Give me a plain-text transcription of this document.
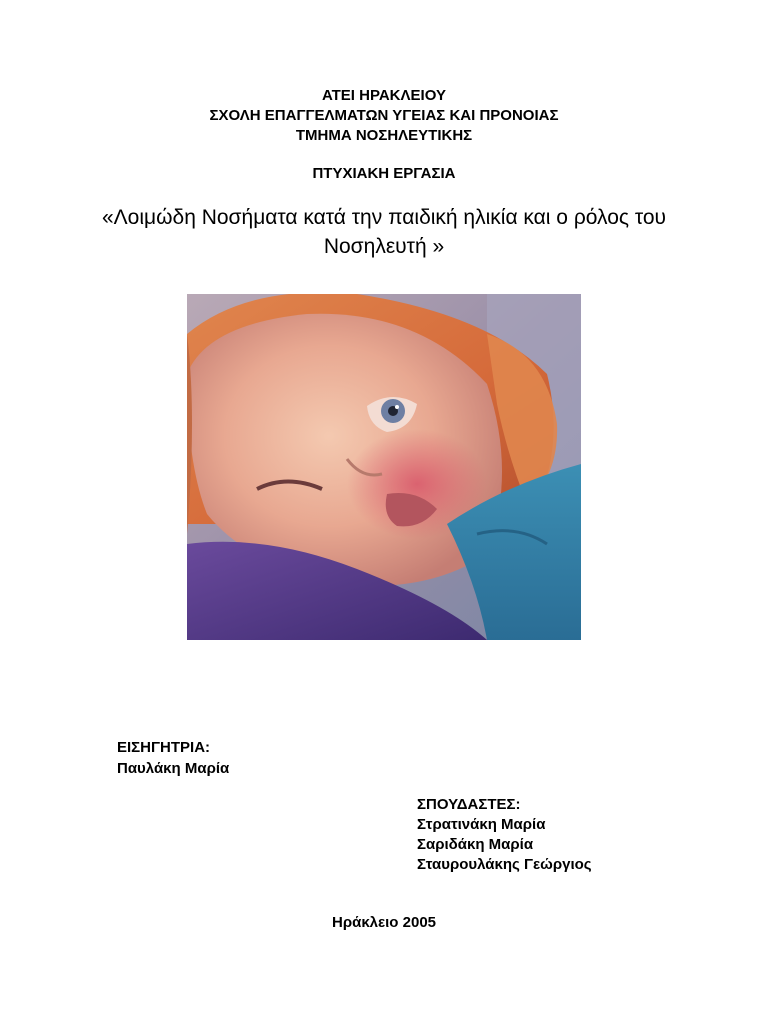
ΑΤΕΙ ΗΡΑΚΛΕΙΟΥ
ΣΧΟΛΗ ΕΠΑΓΓΕΛΜΑΤΩΝ ΥΓΕΙΑΣ ΚΑΙ ΠΡΟΝΟΙΑΣ
ΤΜΗΜΑ ΝΟΣΗΛΕΥΤΙΚΗΣ
ΠΤΥΧΙΑΚΗ ΕΡΓΑΣΙΑ
«Λοιμώδη Νοσήματα κατά την παιδική ηλικία και ο ρόλος του Νοσηλευτή »
ΕΙΣΗΓΗΤΡΙΑ:
Παυλάκη Μαρία
ΣΠΟΥΔΑΣΤΕΣ:
Στρατινάκη Μαρία
Σαριδάκη Μαρία
Σταυρουλάκης Γεώργιος
Ηράκλειο 2005
